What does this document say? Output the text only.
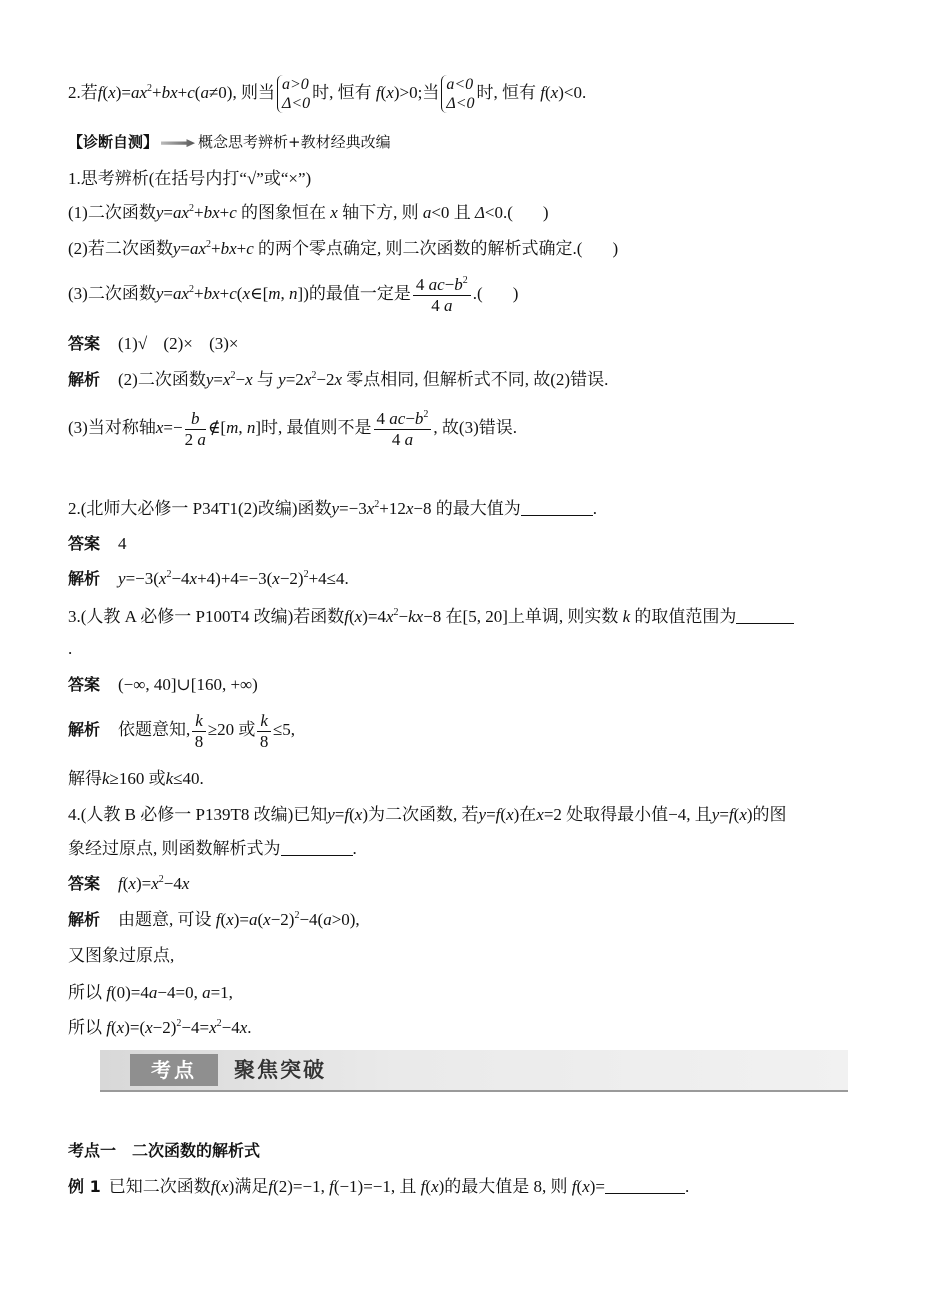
2.若$f(x)=ax^2+bx+c(a\ne 0)$, 则当 a>0
Δ<0
时, 恒有 f(x)>0;当 a<0
Δ<0
时, 恒有 f(x)<0.
【诊断自测】	概念思考辨析+教材经典改编
1.思考辨析(在括号内打“√”或“×”)
(1)二次函数$y=ax^2+bx+c$ 的图象恒在 x 轴下方, 则 a<0 且 Δ<0.( )
(2)若二次函数$y=ax^2+bx+c$ 的两个零点确定, 则二次函数的解析式确定.( )
(3)二次函数$y=ax^2+bx+c(x\in[m$, n])的最值一定是 $\frac{4 ac-b^2}{4 a}$ .( )
答案 (1)√ (2)× (3)×
解析 (2)二次函数$y=x^2-x$ 与 $y=2x^2-2x$ 零点相同, 但解析式不同, 故(2)错误.
(3)当对称轴$x=- \frac{b}{2 a}$ ∉[m, n]时, 最值则不是 $\frac{4 ac-b^2}{4 a}$ , 故(3)错误.
2.(北师大必修一 P34T1(2)改编)函数$y=-3x^2+12x-8$ 的最大值为	.
答案 4
解析 $y=-3(x^2-4x+4)+4=-3(x-2)^2+4\le 4$.
3.(人教 A 必修一 P100T4 改编)若函数$f(x)=4x^2-kx-8$ 在[5, 20]上单调, 则实数 k 的取值范围为
.
答案 (−∞, 40]∪[160, +∞)
解析 依题意知, $\frac{k}{8} \ge 20$ 或 $\frac{k}{8} \le 5$,
解得k≥160 或k≤40.
4.(人教 B 必修一 P139T8 改编)已知y=f(x)为二次函数, 若y=f(x)在x=2 处取得最小值−4, 且y=f(x)的图
象经过原点, 则函数解析式为	.
答案 $f(x)=x^2-4x$
解析 由题意, 可设 $f(x)=a(x-2)^2-4(a>0)$,
又图象过原点,
所以 f(0)=4a−4=0, a=1,
所以 $f(x)=(x-2)^2-4=x^2-4x$.
考点	聚焦突破
考点一　二次函数的解析式
例 1 已知二次函数f(x)满足f(2)=−1, f(−1)=−1, 且 f(x)的最大值是 8, 则 f(x)=	.
